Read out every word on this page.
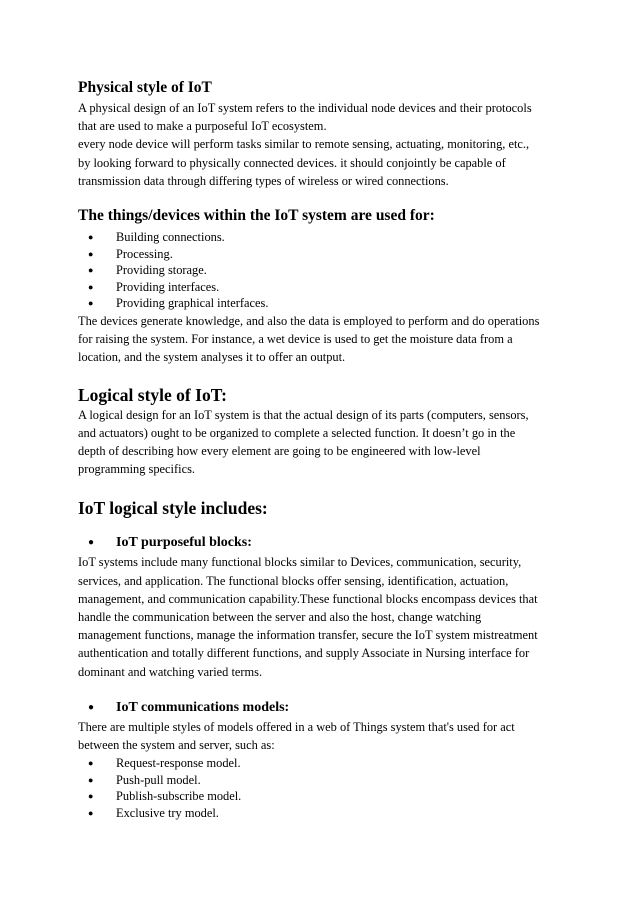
Physical style of IoT

A physical design of an IoT system refers to the individual node devices and their protocols
that are used to make a purposeful IoT ecosystem.
every node device will perform tasks similar to remote sensing, actuating, monitoring, etc.,
by looking forward to physically connected devices. it should conjointly be capable of
transmission data through differing types of wireless or wired connections.

The things/devices within the IoT system are used for:
● Building connections.
● Processing.
● Providing storage.
● Providing interfaces.
● Providing graphical interfaces.

The devices generate knowledge, and also the data is employed to perform and do operations
for raising the system. For instance, a wet device is used to get the moisture data from a
location, and the system analyses it to offer an output.

Logical style of IoT:

A logical design for an IoT system is that the actual design of its parts (computers, sensors,
and actuators) ought to be organized to complete a selected function. It doesn’t go in the
depth of describing how every element are going to be engineered with low-level
programming specifics.

IoT logical style includes:
● IoT purposeful blocks:

IoT systems include many functional blocks similar to Devices, communication, security,
services, and application. The functional blocks offer sensing, identification, actuation,
management, and communication capability.These functional blocks encompass devices that
handle the communication between the server and also the host, change watching
management functions, manage the information transfer, secure the IoT system mistreatment
authentication and totally different functions, and supply Associate in Nursing interface for
dominant and watching varied terms.

● IoT communications models:

There are multiple styles of models offered in a web of Things system that's used for act
between the system and server, such as:

● Request-response model.
● Push-pull model.
● Publish-subscribe model.
● Exclusive try model.
